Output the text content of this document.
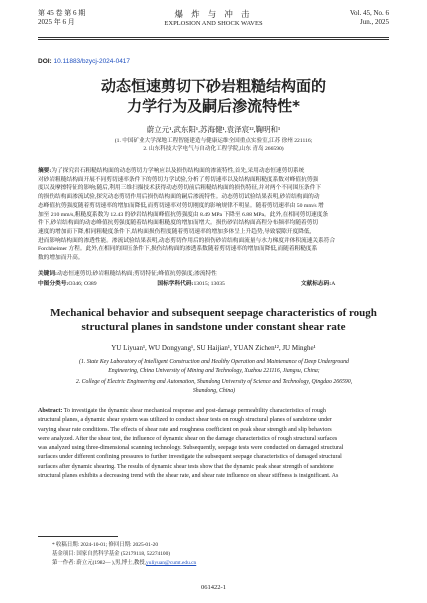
第 45 卷 第 6 期
2025 年 6 月
爆 炸 与 冲 击
EXPLOSION AND SHOCK WAVES
Vol. 45, No. 6
Jun., 2025
DOI: 10.11883/bzycj-2024-0417
动态恒速剪切下砂岩粗糙结构面的
力学行为及嗣后渗流特性*
蔚立元¹,武东阳¹,苏海健¹,袁泽宸¹²,鞠明和¹
(1. 中国矿业大学深地工程智能建造与健康运维全国重点实验室,江苏 徐州 221116;
2. 山东科技大学电气与自动化工程学院,山东 青岛 266590)
摘要:为了探究岩石粗糙结构面的动态剪切力学响应以及损伤结构面的渗流特性,首先,采用动态恒速剪切系统
对砂岩粗糙结构面开展不同剪切速率条件下的剪切力学试验,分析了剪切速率以及结构面粗糙度系数对峰值抗剪强
度以及摩擦特征的影响;随后,利用三维扫描技术获得动态剪切前后粗糙结构面的损伤特征,并对两个不同围压条件下
的损伤结构面渗流试验,探究动态剪切作用后损伤结构面的嗣后渗流特性。动态剪切试验结果表明,砂岩结构面的动
态峰值抗剪强度随着剪切速率的增加而降低,而剪切速率对剪切刚度的影响规律不明显。随着剪切速率由 50 mm/s 增
加至 210 mm/s,粗糙度系数为 12.43 的砂岩结构面峰值抗剪强度由 8.49 MPa 下降至 6.88 MPa。此外,在相同剪切速度条
件下,砂岩结构面的动态峰值抗剪强度随着结构面粗糙度的增加而增大。损伤砂岩结构面高程分布频率均随着剪切
速度的增加而下降,相同粗糙度条件下,结构面损伤程度随着剪切速率的增加多体呈上升趋势,导致裂隙开度降低,
进而影响结构面的渗透性能。渗流试验结果表明,动态剪切作用后的损伤砂岩结构面流量与水力梯度并体积流速关系符合
Forchheimer 方程。此外,在相同的围压条件下,损伤结构面的渗透系数随着剪切速率的增加而降低,而随着粗糙度系
数的增加而升高。
关键词:动态恒速剪切;砂岩粗糙结构面;剪切特征;峰值抗剪强度;渗流特性
中图分类号:O346; O389	国标学科代码:13015; 13035	文献标志码:A
Mechanical behavior and subsequent seepage characteristics of rough
structural planes in sandstone under constant shear rate
YU Liyuan¹, WU Dongyang¹, SU Haijian¹, YUAN Zichen¹², JU Minghe¹
(1. State Key Laboratory of Intelligent Construction and Healthy Operation and Maintenance of Deep Underground
Engineering, China University of Mining and Technology, Xuzhou 221116, Jiangsu, China;
2. College of Electric Engineering and Automation, Shandong University of Science and Technology, Qingdao 266590,
Shandong, China)
Abstract: To investigate the dynamic shear mechanical response and post-damage permeability characteristics of rough
structural planes, a dynamic shear system was utilized to conduct shear tests on rough structural planes of sandstone under
varying shear rate conditions. The effects of shear rate and roughness coefficient on peak shear strength and slip behaviors
were analyzed. After the shear test, the influence of dynamic shear on the damage characteristics of rough structural surfaces
was analyzed using three-dimensional scanning technology. Subsequently, seepage tests were conducted on damaged structural
surfaces under different confining pressures to further investigate the subsequent seepage characteristics of damaged structural
surfaces after dynamic shearing. The results of dynamic shear tests show that the dynamic peak shear strength of sandstone
structural planes exhibits a decreasing trend with the shear rate, and shear rate influence on shear stiffness is insignificant. As
* 收稿日期: 2024-10-01; 修回日期: 2025-01-20
基金项目: 国家自然科学基金 (52179118, 52274100)
第一作者: 蔚立元(1982— ),男,博士,教授,yuliyuan@cumt.edu.cn
061422-1
